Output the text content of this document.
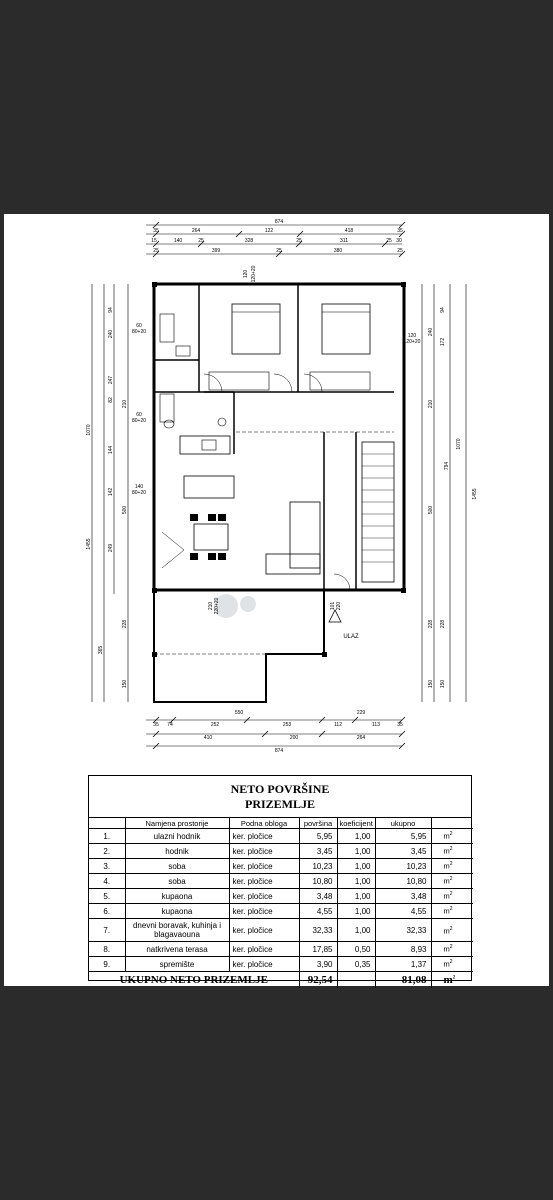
874
35	264	122	418	35
15	140	25	328	25	311	25 30
25	399	25	380	25
550	229
35 74	252	253	112	113	35
410	200	264
874
60
80+20
60
80+20
140
80+20
120
120+20
ULAZ
120 120+20
210 220+20	101 220
1070
1455
94
240
247
82 210
144
142
500
249
365
228
150
1070
1455
94
240
172
210
794
500
228
150
228
150
NETO POVRŠINE
PRIZEMLJE
	Namjena prostorije	Podna obloga	površina	koeficijent	ukupno	
1.	ulazni hodnik	ker. pločice	5,95	1,00	5,95	$m^2$
2.	hodnik	ker. pločice	3,45	1,00	3,45	$m^2$
3.	soba	ker. pločice	10,23	1,00	10,23	$m^2$
4.	soba	ker. pločice	10,80	1,00	10,80	$m^2$
5.	kupaona	ker. pločice	3,48	1,00	3,48	$m^2$
6.	kupaona	ker. pločice	4,55	1,00	4,55	$m^2$
7.	dnevni boravak, kuhinja i blagavaouna	ker. pločice	32,33	1,00	32,33	$m^2$
8.	natkrivena terasa	ker. pločice	17,85	0,50	8,93	$m^2$
9.	spremište	ker. pločice	3,90	0,35	1,37	$m^2$
UKUPNO NETO PRIZEMLJE			92,54		81,08	$m^2$
